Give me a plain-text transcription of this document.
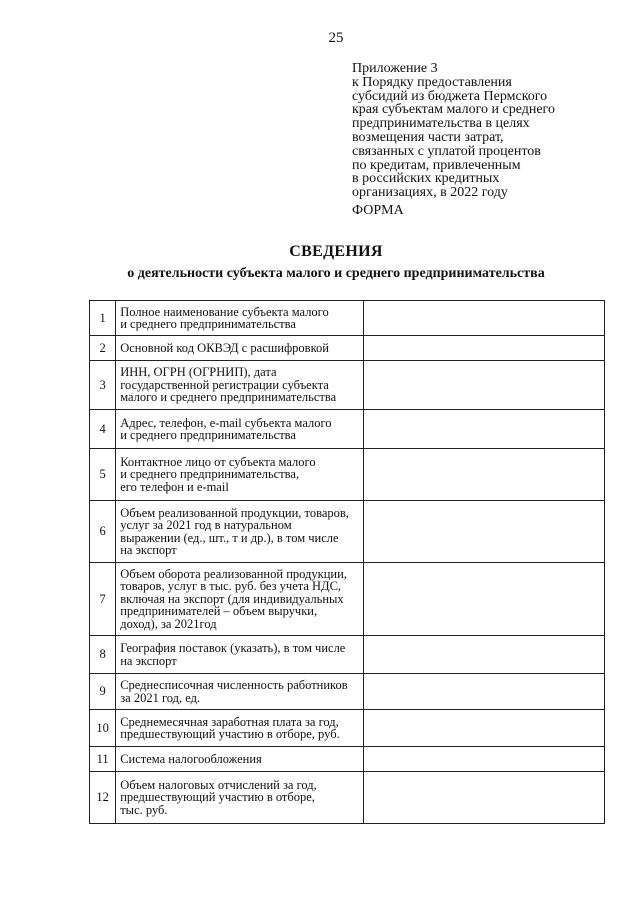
25
Приложение 3
к Порядку предоставления
субсидий из бюджета Пермского
края субъектам малого и среднего
предпринимательства в целях
возмещения части затрат,
связанных с уплатой процентов
по кредитам, привлеченным
в российских кредитных
организациях, в 2022 году
ФОРМА
СВЕДЕНИЯ
о деятельности субъекта малого и среднего предпринимательства
1	Полное наименование субъекта малого
и среднего предпринимательства	

2	Основной код ОКВЭД с расшифровкой	

3	ИНН, ОГРН (ОГРНИП), дата
государственной регистрации субъекта
малого и среднего предпринимательства	

4	Адрес, телефон, e-mail субъекта малого
и среднего предпринимательства	

5	Контактное лицо от субъекта малого
и среднего предпринимательства,
его телефон и e-mail	

6	Объем реализованной продукции, товаров,
услуг за 2021 год в натуральном
выражении (ед., шт., т и др.), в том числе
на экспорт	

7	Объем оборота реализованной продукции,
товаров, услуг в тыс. руб. без учета НДС,
включая на экспорт (для индивидуальных
предпринимателей – объем выручки,
доход), за 2021год	

8	География поставок (указать), в том числе
на экспорт	

9	Среднесписочная численность работников
за 2021 год, ед.	

10	Среднемесячная заработная плата за год,
предшествующий участию в отборе, руб.	

11	Система налогообложения	

12	Объем налоговых отчислений за год,
предшествующий участию в отборе,
тыс. руб.	
